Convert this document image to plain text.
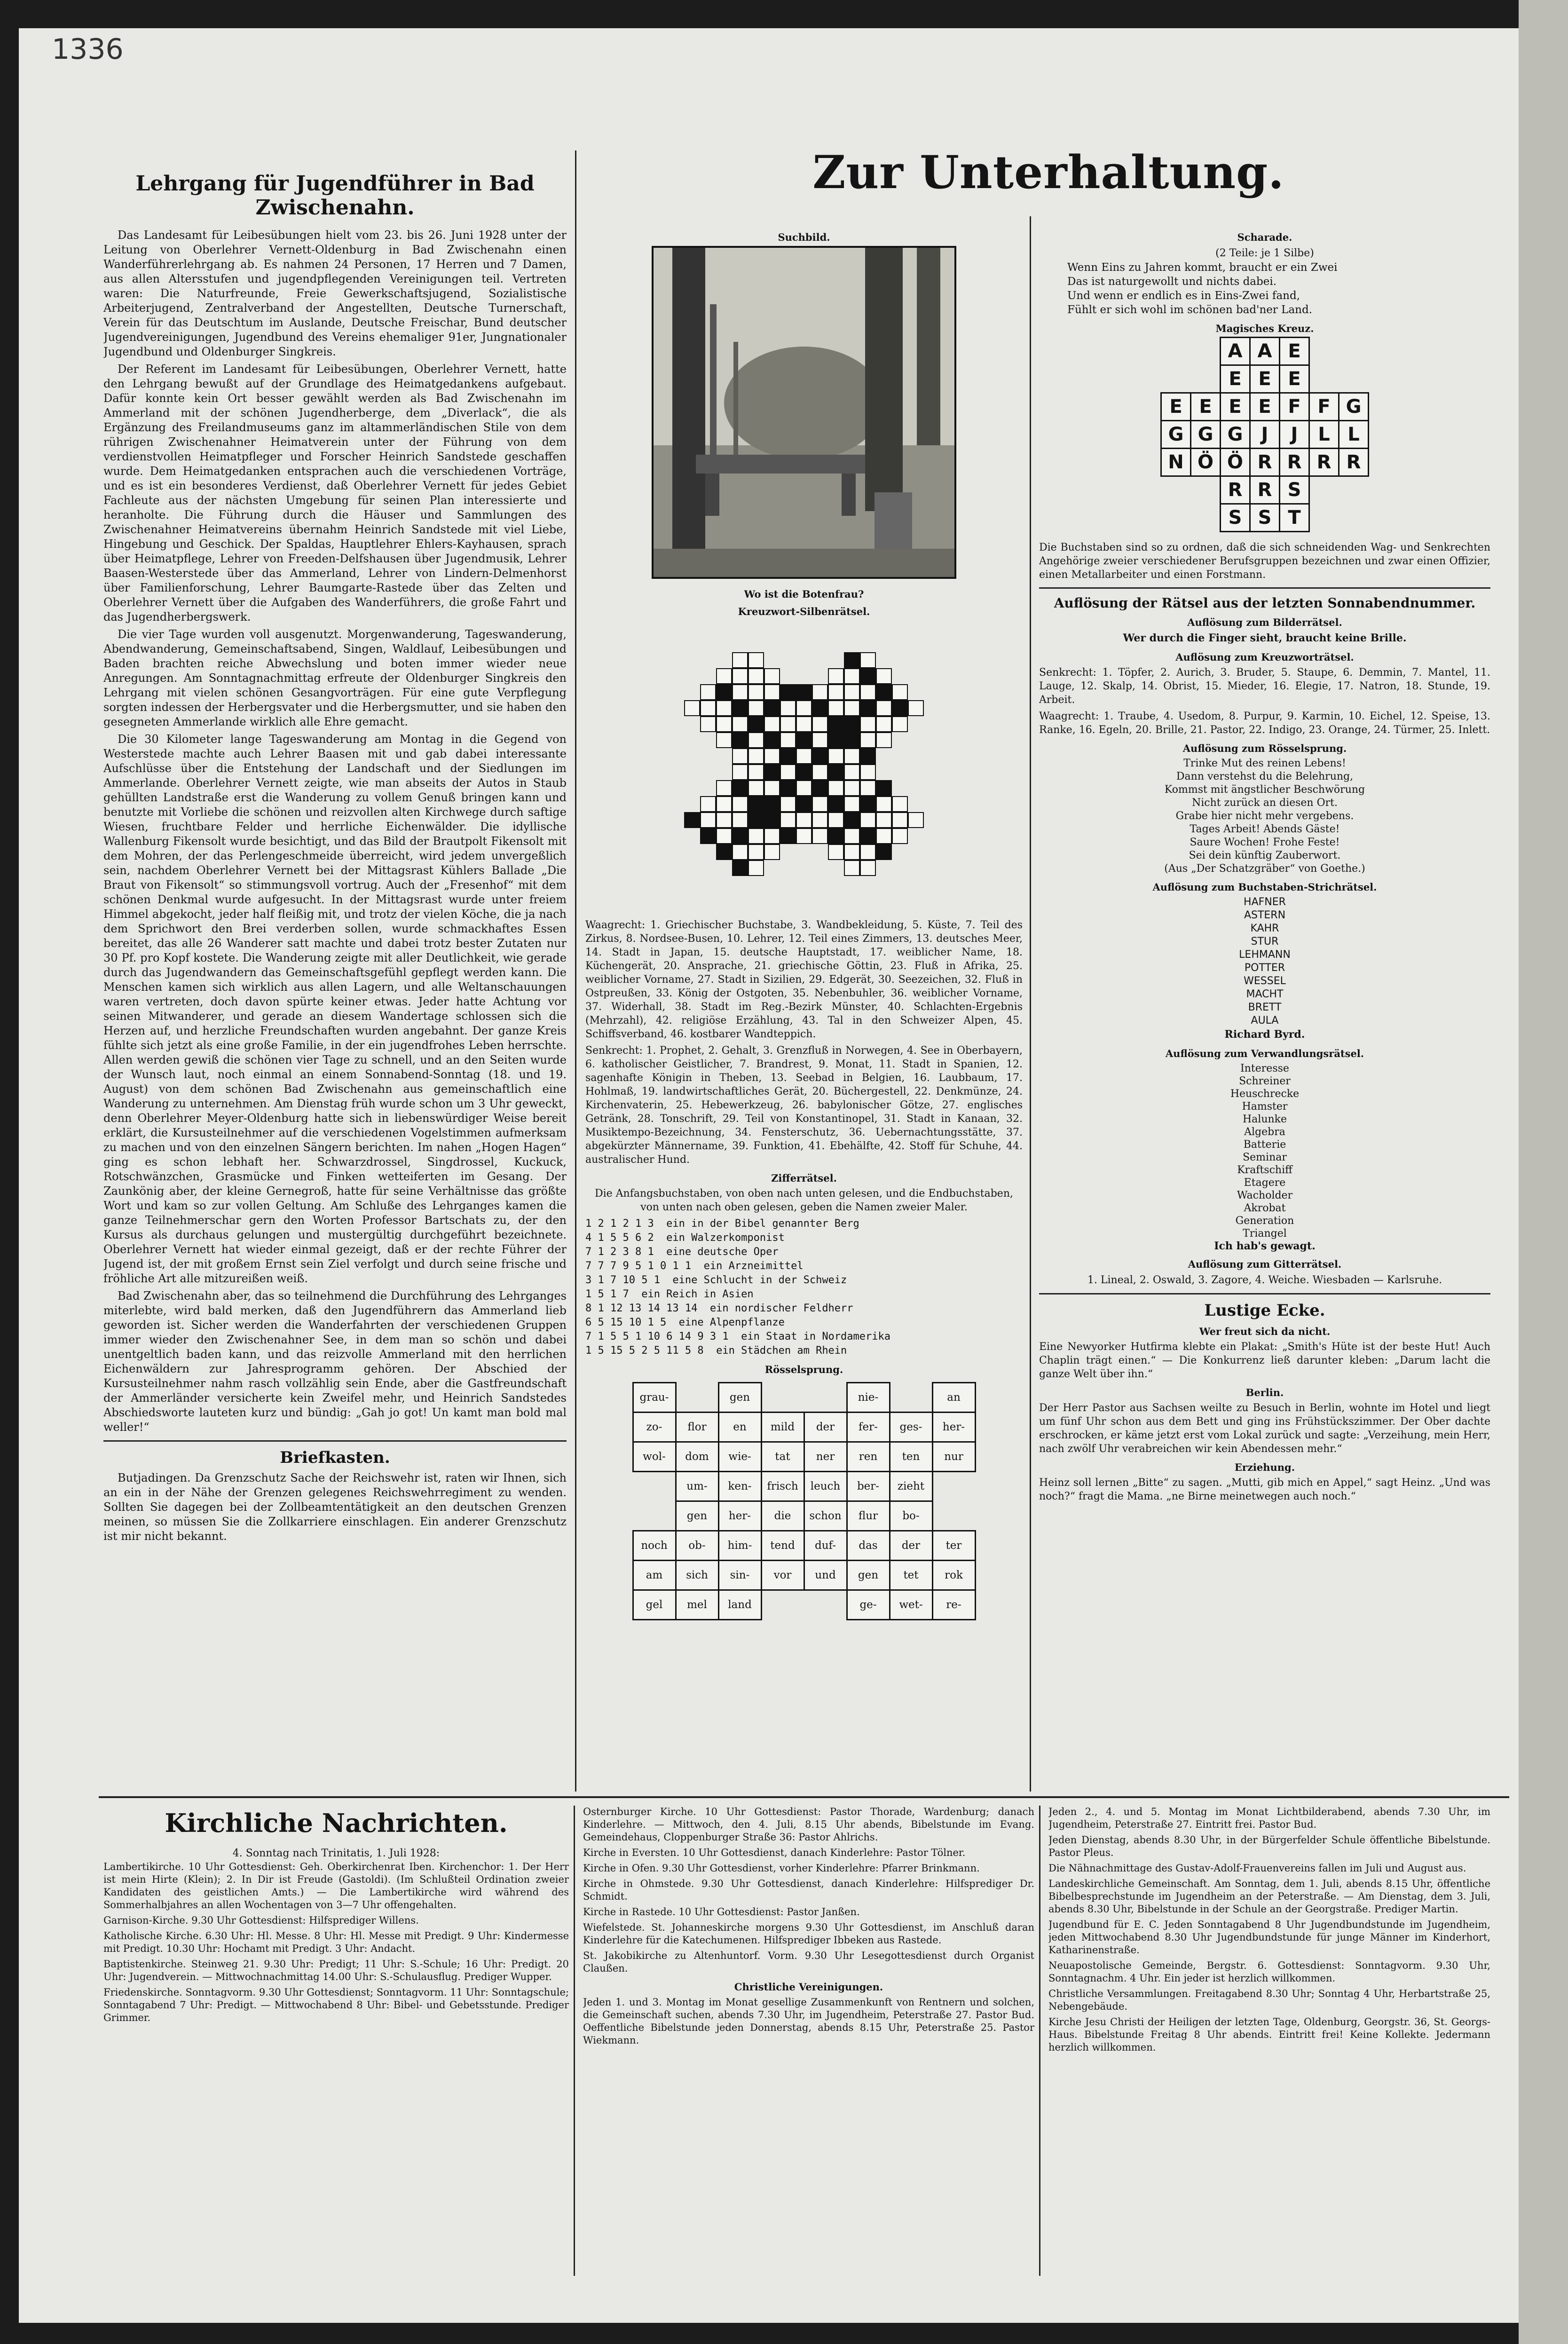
1336
Zur Unterhaltung.
Lehrgang für Jugendführer in Bad Zwischenahn.

Das Landesamt für Leibesübungen hielt vom 23. bis 26. Juni 1928 unter der Leitung von Oberlehrer Vernett-Oldenburg in Bad Zwischenahn einen Wanderführerlehrgang ab. Es nahmen 24 Personen, 17 Herren und 7 Damen, aus allen Altersstufen und jugendpflegenden Vereinigungen teil. Vertreten waren: Die Naturfreunde, Freie Gewerkschaftsjugend, Sozialistische Arbeiterjugend, Zentralverband der Angestellten, Deutsche Turnerschaft, Verein für das Deutschtum im Auslande, Deutsche Freischar, Bund deutscher Jugendvereinigungen, Jugendbund des Vereins ehemaliger 91er, Jungnationaler Jugendbund und Oldenburger Singkreis.

Der Referent im Landesamt für Leibesübungen, Oberlehrer Vernett, hatte den Lehrgang bewußt auf der Grundlage des Heimatgedankens aufgebaut. Dafür konnte kein Ort besser gewählt werden als Bad Zwischenahn im Ammerland mit der schönen Jugendherberge, dem „Diverlack“, die als Ergänzung des Freilandmuseums ganz im altammerländischen Stile von dem rührigen Zwischenahner Heimatverein unter der Führung von dem verdienstvollen Heimatpfleger und Forscher Heinrich Sandstede geschaffen wurde. Dem Heimatgedanken entsprachen auch die verschiedenen Vorträge, und es ist ein besonderes Verdienst, daß Oberlehrer Vernett für jedes Gebiet Fachleute aus der nächsten Umgebung für seinen Plan interessierte und heranholte. Die Führung durch die Häuser und Sammlungen des Zwischenahner Heimatvereins übernahm Heinrich Sandstede mit viel Liebe, Hingebung und Geschick. Der Spaldas, Hauptlehrer Ehlers-Kayhausen, sprach über Heimatpflege, Lehrer von Freeden-Delfshausen über Jugendmusik, Lehrer Baasen-Westerstede über das Ammerland, Lehrer von Lindern-Delmenhorst über Familienforschung, Lehrer Baumgarte-Rastede über das Zelten und Oberlehrer Vernett über die Aufgaben des Wanderführers, die große Fahrt und das Jugendherbergswerk.

Die vier Tage wurden voll ausgenutzt. Morgenwanderung, Tageswanderung, Abendwanderung, Gemeinschaftsabend, Singen, Waldlauf, Leibesübungen und Baden brachten reiche Abwechslung und boten immer wieder neue Anregungen. Am Sonntagnachmittag erfreute der Oldenburger Singkreis den Lehrgang mit vielen schönen Gesangvorträgen. Für eine gute Verpflegung sorgten indessen der Herbergsvater und die Herbergsmutter, und sie haben den gesegneten Ammerlande wirklich alle Ehre gemacht.

Die 30 Kilometer lange Tageswanderung am Montag in die Gegend von Westerstede machte auch Lehrer Baasen mit und gab dabei interessante Aufschlüsse über die Entstehung der Landschaft und der Siedlungen im Ammerlande. Oberlehrer Vernett zeigte, wie man abseits der Autos in Staub gehüllten Landstraße erst die Wanderung zu vollem Genuß bringen kann und benutzte mit Vorliebe die schönen und reizvollen alten Kirchwege durch saftige Wiesen, fruchtbare Felder und herrliche Eichenwälder. Die idyllische Wallenburg Fikensolt wurde besichtigt, und das Bild der Brautpolt Fikensolt mit dem Mohren, der das Perlengeschmeide überreicht, wird jedem unvergeßlich sein, nachdem Oberlehrer Vernett bei der Mittagsrast Kühlers Ballade „Die Braut von Fikensolt“ so stimmungsvoll vortrug. Auch der „Fresenhof“ mit dem schönen Denkmal wurde aufgesucht. In der Mittagsrast wurde unter freiem Himmel abgekocht, jeder half fleißig mit, und trotz der vielen Köche, die ja nach dem Sprichwort den Brei verderben sollen, wurde schmackhaftes Essen bereitet, das alle 26 Wanderer satt machte und dabei trotz bester Zutaten nur 30 Pf. pro Kopf kostete. Die Wanderung zeigte mit aller Deutlichkeit, wie gerade durch das Jugendwandern das Gemeinschaftsgefühl gepflegt werden kann. Die Menschen kamen sich wirklich aus allen Lagern, und alle Weltanschauungen waren vertreten, doch davon spürte keiner etwas. Jeder hatte Achtung vor seinen Mitwanderer, und gerade an diesem Wandertage schlossen sich die Herzen auf, und herzliche Freundschaften wurden angebahnt. Der ganze Kreis fühlte sich jetzt als eine große Familie, in der ein jugendfrohes Leben herrschte. Allen werden gewiß die schönen vier Tage zu schnell, und an den Seiten wurde der Wunsch laut, noch einmal an einem Sonnabend-Sonntag (18. und 19. August) von dem schönen Bad Zwischenahn aus gemeinschaftlich eine Wanderung zu unternehmen. Am Dienstag früh wurde schon um 3 Uhr geweckt, denn Oberlehrer Meyer-Oldenburg hatte sich in liebenswürdiger Weise bereit erklärt, die Kursusteilnehmer auf die verschiedenen Vogelstimmen aufmerksam zu machen und von den einzelnen Sängern berichten. Im nahen „Hogen Hagen“ ging es schon lebhaft her. Schwarzdrossel, Singdrossel, Kuckuck, Rotschwänzchen, Grasmücke und Finken wetteiferten im Gesang. Der Zaunkönig aber, der kleine Gernegroß, hatte für seine Verhältnisse das größte Wort und kam so zur vollen Geltung. Am Schluße des Lehrganges kamen die ganze Teilnehmerschar gern den Worten Professor Bartschats zu, der den Kursus als durchaus gelungen und mustergültig durchgeführt bezeichnete. Oberlehrer Vernett hat wieder einmal gezeigt, daß er der rechte Führer der Jugend ist, der mit großem Ernst sein Ziel verfolgt und durch seine frische und fröhliche Art alle mitzureißen weiß.

Bad Zwischenahn aber, das so teilnehmend die Durchführung des Lehrganges miterlebte, wird bald merken, daß den Jugendführern das Ammerland lieb geworden ist. Sicher werden die Wanderfahrten der verschiedenen Gruppen immer wieder den Zwischenahner See, in dem man so schön und dabei unentgeltlich baden kann, und das reizvolle Ammerland mit den herrlichen Eichenwäldern zur Jahresprogramm gehören. Der Abschied der Kursusteilnehmer nahm rasch vollzählig sein Ende, aber die Gastfreundschaft der Ammerländer versicherte kein Zweifel mehr, und Heinrich Sandstedes Abschiedsworte lauteten kurz und bündig: „Gah jo got! Un kamt man bold mal weller!“

Briefkasten.

Butjadingen. Da Grenzschutz Sache der Reichswehr ist, raten wir Ihnen, sich an ein in der Nähe der Grenzen gelegenes Reichswehrregiment zu wenden. Sollten Sie dagegen bei der Zollbeamtentätigkeit an den deutschen Grenzen meinen, so müssen Sie die Zollkarriere einschlagen. Ein anderer Grenzschutz ist mir nicht bekannt.

Suchbild.
Wo ist die Botenfrau?
Kreuzwort-Silbenrätsel.

Waagrecht: 1. Griechischer Buchstabe, 3. Wandbekleidung, 5. Küste, 7. Teil des Zirkus, 8. Nordsee-Busen, 10. Lehrer, 12. Teil eines Zimmers, 13. deutsches Meer, 14. Stadt in Japan, 15. deutsche Hauptstadt, 17. weiblicher Name, 18. Küchengerät, 20. Ansprache, 21. griechische Göttin, 23. Fluß in Afrika, 25. weiblicher Vorname, 27. Stadt in Sizilien, 29. Edgerät, 30. Seezeichen, 32. Fluß in Ostpreußen, 33. König der Ostgoten, 35. Nebenbuhler, 36. weiblicher Vorname, 37. Widerhall, 38. Stadt im Reg.-Bezirk Münster, 40. Schlachten-Ergebnis (Mehrzahl), 42. religiöse Erzählung, 43. Tal in den Schweizer Alpen, 45. Schiffsverband, 46. kostbarer Wandteppich.

Senkrecht: 1. Prophet, 2. Gehalt, 3. Grenzfluß in Norwegen, 4. See in Oberbayern, 6. katholischer Geistlicher, 7. Brandrest, 9. Monat, 11. Stadt in Spanien, 12. sagenhafte Königin in Theben, 13. Seebad in Belgien, 16. Laubbaum, 17. Hohlmaß, 19. landwirtschaftliches Gerät, 20. Büchergestell, 22. Denkmünze, 24. Kirchenvaterin, 25. Hebewerkzeug, 26. babylonischer Götze, 27. englisches Getränk, 28. Tonschrift, 29. Teil von Konstantinopel, 31. Stadt in Kanaan, 32. Musiktempo-Bezeichnung, 34. Fensterschutz, 36. Uebernachtungsstätte, 37. abgekürzter Männername, 39. Funktion, 41. Ebehälfte, 42. Stoff für Schuhe, 44. australischer Hund.

Zifferrätsel.

Die Anfangsbuchstaben, von oben nach unten gelesen, und die Endbuchstaben, von unten nach oben gelesen, geben die Namen zweier Maler.

1 2 1 2 1 3  ein in der Bibel genannter Berg
4 1 5 5 6 2  ein Walzerkomponist
7 1 2 3 8 1  eine deutsche Oper
7 7 7 9 5 1 0 1 1  ein Arzneimittel
3 1 7 10 5 1  eine Schlucht in der Schweiz
1 5 1 7  ein Reich in Asien
8 1 12 13 14 13 14  ein nordischer Feldherr
6 5 15 10 1 5  eine Alpenpflanze
7 1 5 5 1 10 6 14 9 3 1  ein Staat in Nordamerika
1 5 15 5 2 5 11 5 8  ein Städchen am Rhein
Rösselsprung.
grau-		gen			nie-		an
zo-	flor	en	mild	der	fer-	ges-	her-
wol-	dom	wie-	tat	ner	ren	ten	nur
	um-	ken-	frisch	leuch	ber-	zieht	
	gen	her-	die	schon	flur	bo-	
noch	ob-	him-	tend	duf-	das	der	ter
am	sich	sin-	vor	und	gen	tet	rok
gel	mel	land			ge-	wet-	re-
Scharade.
(2 Teile: je 1 Silbe)
Wenn Eins zu Jahren kommt, braucht er ein Zwei
Das ist naturgewollt und nichts dabei.
Und wenn er endlich es in Eins-Zwei fand,
Fühlt er sich wohl im schönen bad'ner Land.
Magisches Kreuz.
A A E
E E E
E E E E F F G
G G G J	J	L L
N Ö Ö R R R R
R R S
S S T

Die Buchstaben sind so zu ordnen, daß die sich schneidenden Wag- und Senkrechten Angehörige zweier verschiedener Berufsgruppen bezeichnen und zwar einen Offizier, einen Metallarbeiter und einen Forstmann.

Auflösung der Rätsel aus der letzten Sonnabendnummer.
Auflösung zum Bilderrätsel.

Wer durch die Finger sieht, braucht keine Brille.

Auflösung zum Kreuzworträtsel.

Senkrecht: 1. Töpfer, 2. Aurich, 3. Bruder, 5. Staupe, 6. Demmin, 7. Mantel, 11. Lauge, 12. Skalp, 14. Obrist, 15. Mieder, 16. Elegie, 17. Natron, 18. Stunde, 19. Arbeit.

Waagrecht: 1. Traube, 4. Usedom, 8. Purpur, 9. Karmin, 10. Eichel, 12. Speise, 13. Ranke, 16. Egeln, 20. Brille, 21. Pastor, 22. Indigo, 23. Orange, 24. Türmer, 25. Inlett.

Auflösung zum Rösselsprung.
Trinke Mut des reinen Lebens!
Dann verstehst du die Belehrung,
Kommst mit ängstlicher Beschwörung
Nicht zurück an diesen Ort.
Grabe hier nicht mehr vergebens.
Tages Arbeit! Abends Gäste!
Saure Wochen! Frohe Feste!
Sei dein künftig Zauberwort.
(Aus „Der Schatzgräber“ von Goethe.)
Auflösung zum Buchstaben-Strichrätsel.
HAFNER
ASTERN
KAHR
STUR
LEHMANN
POTTER
WESSEL
MACHT
BRETT
AULA
Richard Byrd.
Auflösung zum Verwandlungsrätsel.
Interesse
Schreiner
Heuschrecke
Hamster
Halunke
Algebra
Batterie
Seminar
Kraftschiff
Etagere
Wacholder
Akrobat
Generation
Triangel
Ich hab's gewagt.
Auflösung zum Gitterrätsel.

1. Lineal, 2. Oswald, 3. Zagore, 4. Weiche. Wiesbaden — Karlsruhe.

Lustige Ecke.
Wer freut sich da nicht.

Eine Newyorker Hutfirma klebte ein Plakat: „Smith's Hüte ist der beste Hut! Auch Chaplin trägt einen.“ — Die Konkurrenz ließ darunter kleben: „Darum lacht die ganze Welt über ihn.“

Berlin.

Der Herr Pastor aus Sachsen weilte zu Besuch in Berlin, wohnte im Hotel und liegt um fünf Uhr schon aus dem Bett und ging ins Frühstückszimmer. Der Ober dachte erschrocken, er käme jetzt erst vom Lokal zurück und sagte: „Verzeihung, mein Herr, nach zwölf Uhr verabreichen wir kein Abendessen mehr.“

Erziehung.

Heinz soll lernen „Bitte“ zu sagen. „Mutti, gib mich en Appel,“ sagt Heinz. „Und was noch?“ fragt die Mama. „ne Birne meinetwegen auch noch.“

Kirchliche Nachrichten.
4. Sonntag nach Trinitatis, 1. Juli 1928:

Lambertikirche. 10 Uhr Gottesdienst: Geh. Oberkirchenrat Iben. Kirchenchor: 1. Der Herr ist mein Hirte (Klein); 2. In Dir ist Freude (Gastoldi). (Im Schlußteil Ordination zweier Kandidaten des geistlichen Amts.) — Die Lambertikirche wird während des Sommerhalbjahres an allen Wochentagen von 3—7 Uhr offengehalten.

Garnison-Kirche. 9.30 Uhr Gottesdienst: Hilfsprediger Willens.

Katholische Kirche. 6.30 Uhr: Hl. Messe. 8 Uhr: Hl. Messe mit Predigt. 9 Uhr: Kindermesse mit Predigt. 10.30 Uhr: Hochamt mit Predigt. 3 Uhr: Andacht.

Baptistenkirche. Steinweg 21. 9.30 Uhr: Predigt; 11 Uhr: S.-Schule; 16 Uhr: Predigt. 20 Uhr: Jugendverein. — Mittwochnachmittag 14.00 Uhr: S.-Schulausflug. Prediger Wupper.

Friedenskirche. Sonntagvorm. 9.30 Uhr Gottesdienst; Sonntagvorm. 11 Uhr: Sonntagschule; Sonntagabend 7 Uhr: Predigt. — Mittwochabend 8 Uhr: Bibel- und Gebetsstunde. Prediger Grimmer.

Osternburger Kirche. 10 Uhr Gottesdienst: Pastor Thorade, Wardenburg; danach Kinderlehre. — Mittwoch, den 4. Juli, 8.15 Uhr abends, Bibelstunde im Evang. Gemeindehaus, Cloppenburger Straße 36: Pastor Ahlrichs.

Kirche in Eversten. 10 Uhr Gottesdienst, danach Kinderlehre: Pastor Tölner.

Kirche in Ofen. 9.30 Uhr Gottesdienst, vorher Kinderlehre: Pfarrer Brinkmann.

Kirche in Ohmstede. 9.30 Uhr Gottesdienst, danach Kinderlehre: Hilfsprediger Dr. Schmidt.

Kirche in Rastede. 10 Uhr Gottesdienst: Pastor Janßen.

Wiefelstede. St. Johanneskirche morgens 9.30 Uhr Gottesdienst, im Anschluß daran Kinderlehre für die Katechumenen. Hilfsprediger Ibbeken aus Rastede.

St. Jakobikirche zu Altenhuntorf. Vorm. 9.30 Uhr Lesegottesdienst durch Organist Claußen.

Christliche Vereinigungen.

Jeden 1. und 3. Montag im Monat gesellige Zusammenkunft von Rentnern und solchen, die Gemeinschaft suchen, abends 7.30 Uhr, im Jugendheim, Peterstraße 27. Pastor Bud. Oeffentliche Bibelstunde jeden Donnerstag, abends 8.15 Uhr, Peterstraße 25. Pastor Wiekmann.

Jeden 2., 4. und 5. Montag im Monat Lichtbilderabend, abends 7.30 Uhr, im Jugendheim, Peterstraße 27. Eintritt frei. Pastor Bud.

Jeden Dienstag, abends 8.30 Uhr, in der Bürgerfelder Schule öffentliche Bibelstunde. Pastor Pleus.

Die Nähnachmittage des Gustav-Adolf-Frauenvereins fallen im Juli und August aus.

Landeskirchliche Gemeinschaft. Am Sonntag, dem 1. Juli, abends 8.15 Uhr, öffentliche Bibelbesprechstunde im Jugendheim an der Peterstraße. — Am Dienstag, dem 3. Juli, abends 8.30 Uhr, Bibelstunde in der Schule an der Georgstraße. Prediger Martin.

Jugendbund für E. C. Jeden Sonntagabend 8 Uhr Jugendbundstunde im Jugendheim, jeden Mittwochabend 8.30 Uhr Jugendbundstunde für junge Männer im Kinderhort, Katharinenstraße.

Neuapostolische Gemeinde, Bergstr. 6. Gottesdienst: Sonntagvorm. 9.30 Uhr, Sonntagnachm. 4 Uhr. Ein jeder ist herzlich willkommen.

Christliche Versammlungen. Freitagabend 8.30 Uhr; Sonntag 4 Uhr, Herbartstraße 25, Nebengebäude.

Kirche Jesu Christi der Heiligen der letzten Tage, Oldenburg, Georgstr. 36, St. Georgs-Haus. Bibelstunde Freitag 8 Uhr abends. Eintritt frei! Keine Kollekte. Jedermann herzlich willkommen.
